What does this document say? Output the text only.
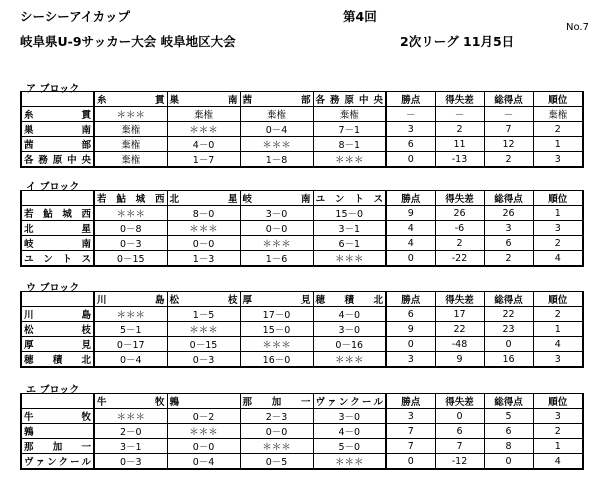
シーシーアイカップ
岐阜県U-9サッカー大会 岐阜地区大会
第4回
2次リーグ 11月5日
No.7
ア ブロック
	糸貫	巣南	茜部	各務原中央	勝点	得失差	総得点	順位
糸貫	＊＊＊	棄権	棄権	棄権	－	－	－	棄権
巣南	棄権	＊＊＊	0－4	7－1	3	2	7	2
茜部	棄権	4－0	＊＊＊	8－1	6	11	12	1
各務原中央	棄権	1－7	1－8	＊＊＊	0	-13	2	3
イ ブロック
	若鮎城西	北星	岐南	ユントス	勝点	得失差	総得点	順位
若鮎城西	＊＊＊	8－0	3－0	15－0	9	26	26	1
北星	0－8	＊＊＊	0－0	3－1	4	-6	3	3
岐南	0－3	0－0	＊＊＊	6－1	4	2	6	2
ユントス	0－15	1－3	1－6	＊＊＊	0	-22	2	4
ウ ブロック
	川島	松枝	厚見	穂積北	勝点	得失差	総得点	順位
川島	＊＊＊	1－5	17－0	4－0	6	17	22	2
松枝	5－1	＊＊＊	15－0	3－0	9	22	23	1
厚見	0－17	0－15	＊＊＊	0－16	0	-48	0	4
穂積北	0－4	0－3	16－0	＊＊＊	3	9	16	3
エ ブロック
	牛牧	鶉	那加一	ヴァンクール	勝点	得失差	総得点	順位
牛牧	＊＊＊	0－2	2－3	3－0	3	0	5	3
鶉	2－0	＊＊＊	0－0	4－0	7	6	6	2
那加一	3－1	0－0	＊＊＊	5－0	7	7	8	1
ヴァンクール	0－3	0－4	0－5	＊＊＊	0	-12	0	4
